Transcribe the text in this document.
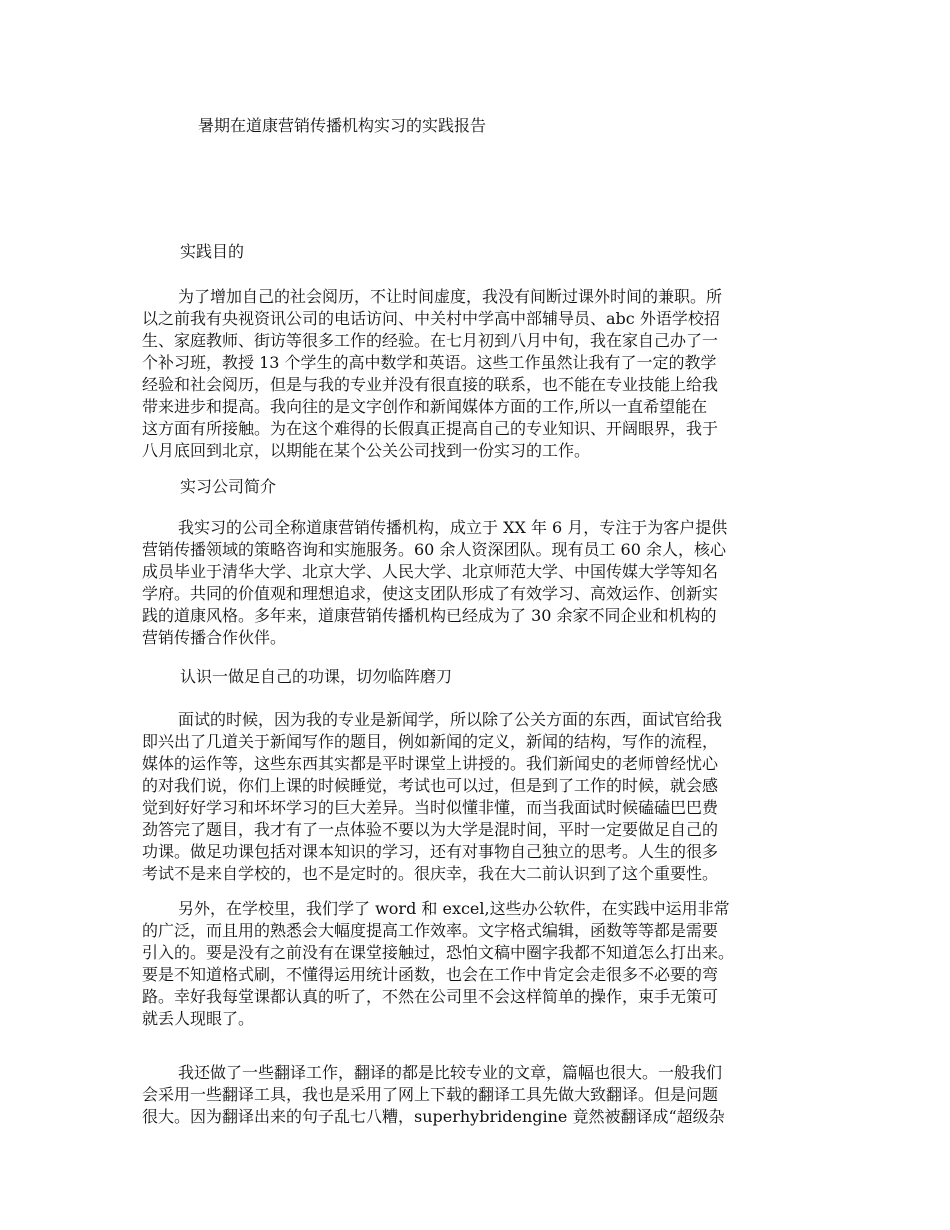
暑期在道康营销传播机构实习的实践报告
实践目的
为了增加自己的社会阅历，不让时间虚度，我没有间断过课外时间的兼职。所
以之前我有央视资讯公司的电话访问、中关村中学高中部辅导员、abc 外语学校招
生、家庭教师、街访等很多工作的经验。在七月初到八月中旬，我在家自己办了一
个补习班，教授 13 个学生的高中数学和英语。这些工作虽然让我有了一定的教学
经验和社会阅历，但是与我的专业并没有很直接的联系，也不能在专业技能上给我
带来进步和提高。我向往的是文字创作和新闻媒体方面的工作,所以一直希望能在
这方面有所接触。为在这个难得的长假真正提高自己的专业知识、开阔眼界，我于
八月底回到北京，以期能在某个公关公司找到一份实习的工作。
实习公司简介
我实习的公司全称道康营销传播机构，成立于 XX 年 6 月，专注于为客户提供
营销传播领域的策略咨询和实施服务。60 余人资深团队。现有员工 60 余人，核心
成员毕业于清华大学、北京大学、人民大学、北京师范大学、中国传媒大学等知名
学府。共同的价值观和理想追求，使这支团队形成了有效学习、高效运作、创新实
践的道康风格。多年来，道康营销传播机构已经成为了 30 余家不同企业和机构的
营销传播合作伙伴。
认识一做足自己的功课，切勿临阵磨刀
面试的时候，因为我的专业是新闻学，所以除了公关方面的东西，面试官给我
即兴出了几道关于新闻写作的题目，例如新闻的定义，新闻的结构，写作的流程，
媒体的运作等，这些东西其实都是平时课堂上讲授的。我们新闻史的老师曾经忧心
的对我们说，你们上课的时候睡觉，考试也可以过，但是到了工作的时候，就会感
觉到好好学习和坏坏学习的巨大差异。当时似懂非懂，而当我面试时候磕磕巴巴费
劲答完了题目，我才有了一点体验不要以为大学是混时间，平时一定要做足自己的
功课。做足功课包括对课本知识的学习，还有对事物自己独立的思考。人生的很多
考试不是来自学校的，也不是定时的。很庆幸，我在大二前认识到了这个重要性。
另外，在学校里，我们学了 word 和 excel,这些办公软件，在实践中运用非常
的广泛，而且用的熟悉会大幅度提高工作效率。文字格式编辑，函数等等都是需要
引入的。要是没有之前没有在课堂接触过，恐怕文稿中圈字我都不知道怎么打出来。
要是不知道格式刷，不懂得运用统计函数，也会在工作中肯定会走很多不必要的弯
路。幸好我每堂课都认真的听了，不然在公司里不会这样简单的操作，束手无策可
就丢人现眼了。
我还做了一些翻译工作，翻译的都是比较专业的文章，篇幅也很大。一般我们
会采用一些翻译工具，我也是采用了网上下载的翻译工具先做大致翻译。但是问题
很大。因为翻译出来的句子乱七八糟，superhybridengine 竟然被翻译成“超级杂
